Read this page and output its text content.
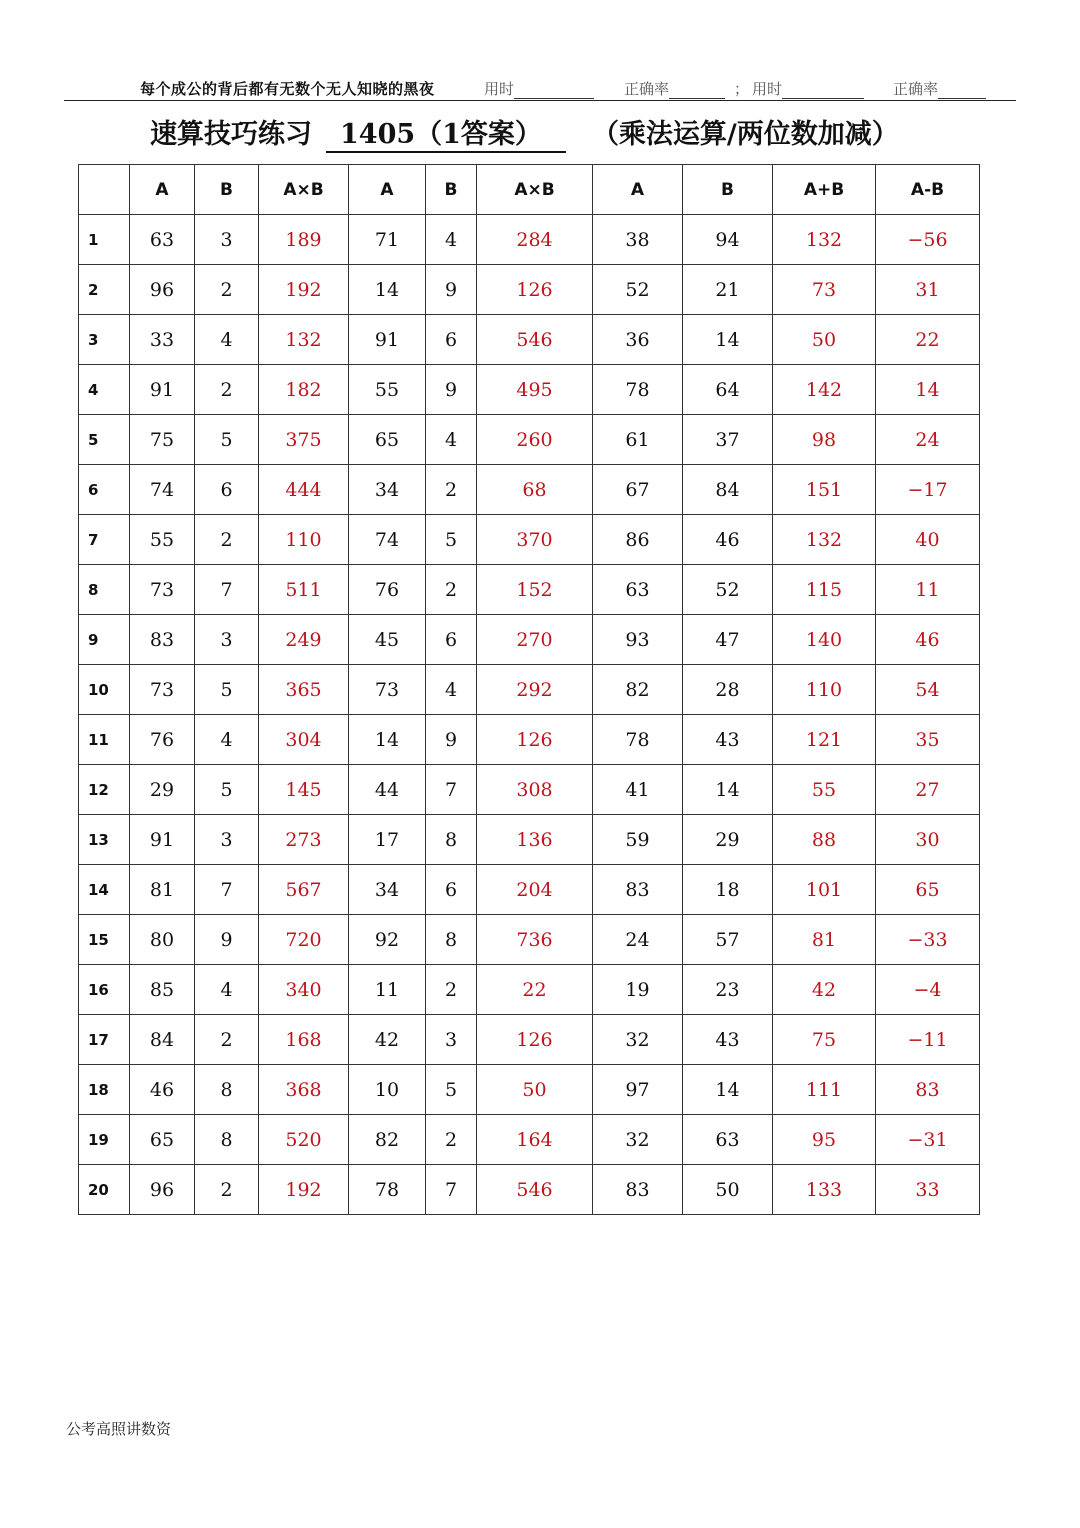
每个成公的背后都有无数个无人知晓的黑夜	用时	正确率	； 用时	正确率
速算技巧练习 1405（1答案） （乘法运算/两位数加减）
	A	B	A×B	A	B	A×B	A	B	A+B	A-B
1	63	3	189	71	4	284	38	94	132	−56
2	96	2	192	14	9	126	52	21	73	31
3	33	4	132	91	6	546	36	14	50	22
4	91	2	182	55	9	495	78	64	142	14
5	75	5	375	65	4	260	61	37	98	24
6	74	6	444	34	2	68	67	84	151	−17
7	55	2	110	74	5	370	86	46	132	40
8	73	7	511	76	2	152	63	52	115	11
9	83	3	249	45	6	270	93	47	140	46
10	73	5	365	73	4	292	82	28	110	54
11	76	4	304	14	9	126	78	43	121	35
12	29	5	145	44	7	308	41	14	55	27
13	91	3	273	17	8	136	59	29	88	30
14	81	7	567	34	6	204	83	18	101	65
15	80	9	720	92	8	736	24	57	81	−33
16	85	4	340	11	2	22	19	23	42	−4
17	84	2	168	42	3	126	32	43	75	−11
18	46	8	368	10	5	50	97	14	111	83
19	65	8	520	82	2	164	32	63	95	−31
20	96	2	192	78	7	546	83	50	133	33
公考高照讲数资
